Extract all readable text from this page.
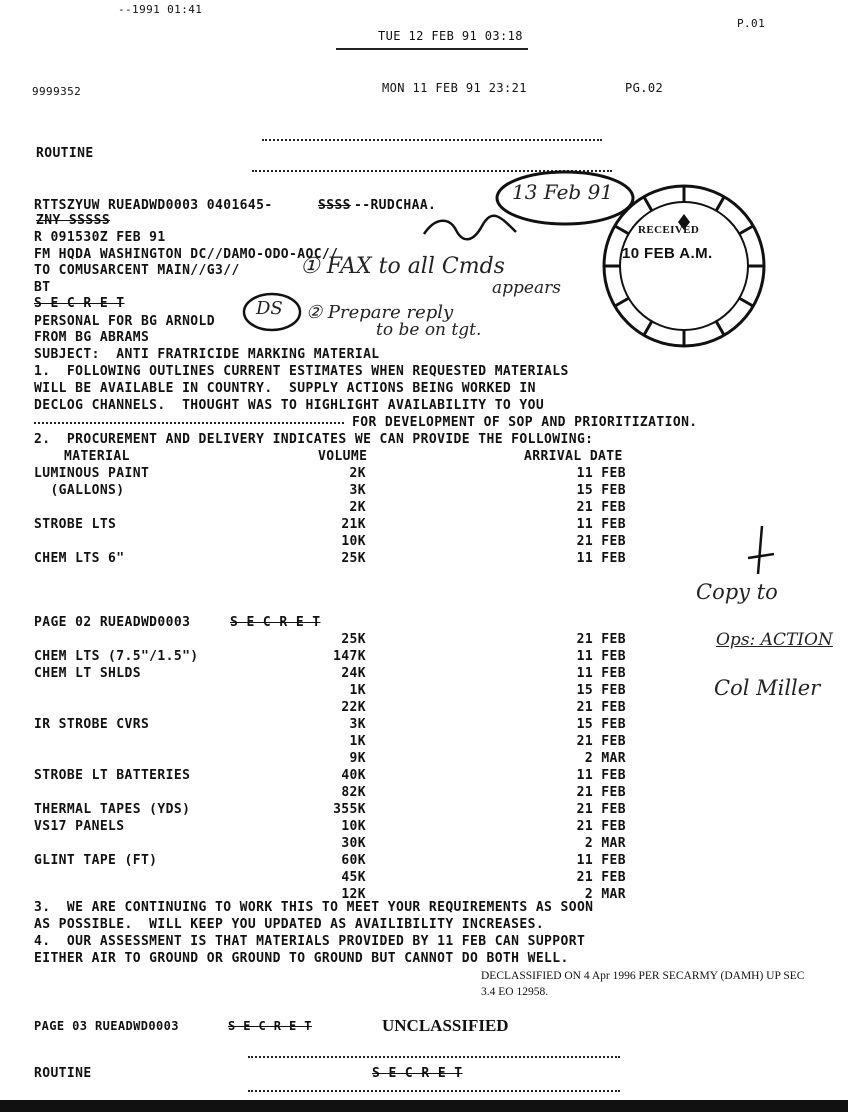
--1991 01:41
P.01
TUE 12 FEB 91 03:18
MON 11 FEB 91 23:21	PG.02
9999352
ROUTINE
RTTSZYUW RUEADWD0003 0401645-	SSSS --RUDCHAA.
ZNY SSSSS
R 091530Z FEB 91
FM HQDA WASHINGTON DC//DAMO-ODO-AOC//
TO COMUSARCENT MAIN//G3//
BT
S E C R E T
PERSONAL FOR BG ARNOLD
FROM BG ABRAMS
SUBJECT:  ANTI FRATRICIDE MARKING MATERIAL
1.  FOLLOWING OUTLINES CURRENT ESTIMATES WHEN REQUESTED MATERIALS
WILL BE AVAILABLE IN COUNTRY.  SUPPLY ACTIONS BEING WORKED IN
DECLOG CHANNELS.  THOUGHT WAS TO HIGHLIGHT AVAILABILITY TO YOU
FOR DEVELOPMENT OF SOP AND PRIORITIZATION.
2.  PROCUREMENT AND DELIVERY INDICATES WE CAN PROVIDE THE FOLLOWING:
MATERIAL	VOLUME	ARRIVAL DATE
LUMINOUS PAINT	2K	11 FEB
(GALLONS)	3K	15 FEB
2K	21 FEB
STROBE LTS	21K	11 FEB
10K	21 FEB
CHEM LTS 6"	25K	11 FEB
PAGE 02 RUEADWD0003 S E C R E T
25K	21 FEB
CHEM LTS (7.5"/1.5")	147K	11 FEB
CHEM LT SHLDS	24K	11 FEB
1K	15 FEB
22K	21 FEB
IR STROBE CVRS	3K	15 FEB
1K	21 FEB
9K	2 MAR
STROBE LT BATTERIES	40K	11 FEB
82K	21 FEB
THERMAL TAPES (YDS)	355K	21 FEB
VS17 PANELS	10K	21 FEB
30K	2 MAR
GLINT TAPE (FT)	60K	11 FEB
45K	21 FEB
12K	2 MAR
3.  WE ARE CONTINUING TO WORK THIS TO MEET YOUR REQUIREMENTS AS SOON
AS POSSIBLE.  WILL KEEP YOU UPDATED AS AVAILIBILITY INCREASES.
4.  OUR ASSESSMENT IS THAT MATERIALS PROVIDED BY 11 FEB CAN SUPPORT
EITHER AIR TO GROUND OR GROUND TO GROUND BUT CANNOT DO BOTH WELL.
DECLASSIFIED ON 4 Apr 1996 PER SECARMY (DAMH) UP SEC
3.4 EO 12958.
PAGE 03 RUEADWD0003	S E C R E T	UNCLASSIFIED
ROUTINE	S E C R E T
RECEIVED
10 FEB A.M.
13 Feb 91
DS
① FAX to all Cmds
appears
② Prepare reply
to be on tgt.
Copy to
Ops: ACTION
Col Miller
